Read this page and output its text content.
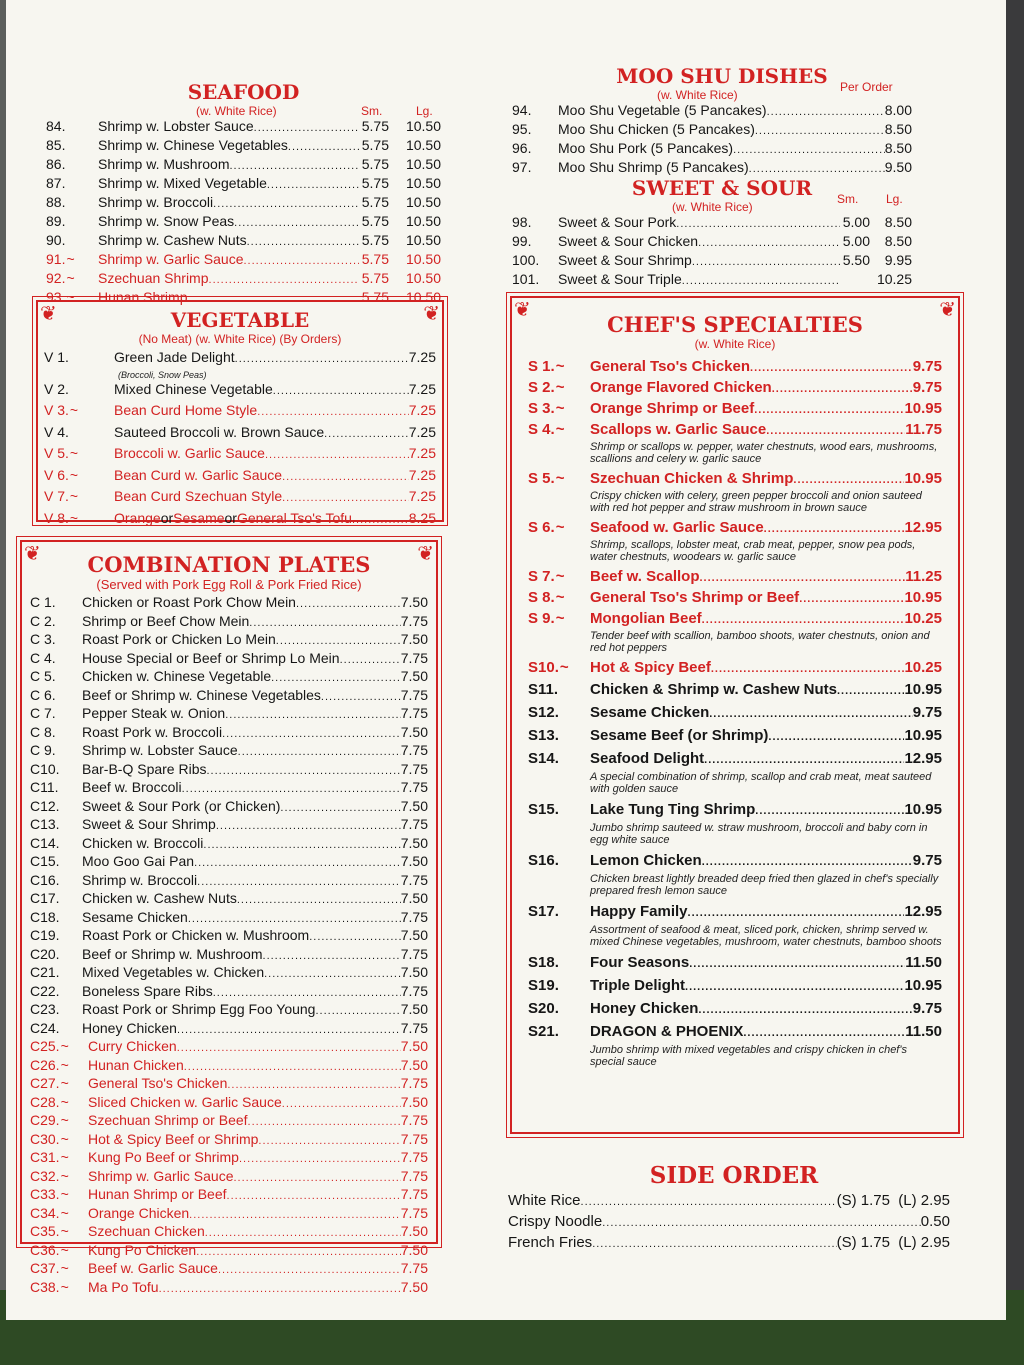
SEAFOOD
(w. White Rice)	Sm.	Lg.
84.	Shrimp w. Lobster Sauce .....	5.75	10.50
85.	Shrimp w. Chinese Vegetables .....	5.75	10.50
86.	Shrimp w. Mushroom .....	5.75	10.50
87.	Shrimp w. Mixed Vegetable .....	5.75	10.50
88.	Shrimp w. Broccoli .....	5.75	10.50
89.	Shrimp w. Snow Peas .....	5.75	10.50
90.	Shrimp w. Cashew Nuts .....	5.75	10.50
91.~	Shrimp w. Garlic Sauce .....	5.75	10.50
92.~	Szechuan Shrimp .....	5.75	10.50
93.~	Hunan Shrimp .....	5.75	10.50
❦	❦
VEGETABLE
(No Meat) (w. White Rice) (By Orders)
V 1.	Green Jade Delight .....	7.25
(Broccoli, Snow Peas)
V 2.	Mixed Chinese Vegetable .....	7.25
V 3.~	Bean Curd Home Style .....	7.25
V 4.	Sauteed Broccoli w. Brown Sauce .....	7.25
V 5.~	Broccoli w. Garlic Sauce .....	7.25
V 6.~	Bean Curd w. Garlic Sauce .....	7.25
V 7.~	Bean Curd Szechuan Style .....	7.25
V 8.~	Orange or Sesame or General Tso's Tofu .....	8.25
❦	❦
COMBINATION PLATES
(Served with Pork Egg Roll & Pork Fried Rice)
C 1.	Chicken or Roast Pork Chow Mein .....	7.50
C 2.	Shrimp or Beef Chow Mein .....	7.75
C 3.	Roast Pork or Chicken Lo Mein .....	7.50
C 4.	House Special or Beef or Shrimp Lo Mein .....	7.75
C 5.	Chicken w. Chinese Vegetable .....	7.50
C 6.	Beef or Shrimp w. Chinese Vegetables .....	7.75
C 7.	Pepper Steak w. Onion .....	7.75
C 8.	Roast Pork w. Broccoli .....	7.50
C 9.	Shrimp w. Lobster Sauce .....	7.75
C10.	Bar-B-Q Spare Ribs .....	7.75
C11.	Beef w. Broccoli .....	7.75
C12.	Sweet & Sour Pork (or Chicken) .....	7.50
C13.	Sweet & Sour Shrimp .....	7.75
C14.	Chicken w. Broccoli .....	7.50
C15.	Moo Goo Gai Pan .....	7.50
C16.	Shrimp w. Broccoli .....	7.75
C17.	Chicken w. Cashew Nuts .....	7.50
C18.	Sesame Chicken .....	7.75
C19.	Roast Pork or Chicken w. Mushroom .....	7.50
C20.	Beef or Shrimp w. Mushroom .....	7.75
C21.	Mixed Vegetables w. Chicken .....	7.50
C22.	Boneless Spare Ribs .....	7.75
C23.	Roast Pork or Shrimp Egg Foo Young .....	7.50
C24.	Honey Chicken .....	7.75
C25.~	Curry Chicken .....	7.50
C26.~	Hunan Chicken .....	7.50
C27.~	General Tso's Chicken .....	7.75
C28.~	Sliced Chicken w. Garlic Sauce .....	7.50
C29.~	Szechuan Shrimp or Beef .....	7.75
C30.~	Hot & Spicy Beef or Shrimp .....	7.75
C31.~	Kung Po Beef or Shrimp .....	7.75
C32.~	Shrimp w. Garlic Sauce .....	7.75
C33.~	Hunan Shrimp or Beef .....	7.75
C34.~	Orange Chicken .....	7.75
C35.~	Szechuan Chicken .....	7.50
C36.~	Kung Po Chicken .....	7.50
C37.~	Beef w. Garlic Sauce .....	7.75
C38.~	Ma Po Tofu .....	7.50
MOO SHU DISHES
(w. White Rice)
Per Order
94.	Moo Shu Vegetable (5 Pancakes) .....	8.00
95.	Moo Shu Chicken (5 Pancakes) .....	8.50
96.	Moo Shu Pork (5 Pancakes) .....	8.50
97.	Moo Shu Shrimp (5 Pancakes) .....	9.50
SWEET & SOUR
(w. White Rice)
Sm. Lg.
98.	Sweet & Sour Pork .....	5.00	8.50
99.	Sweet & Sour Chicken .....	5.00	8.50
100.	Sweet & Sour Shrimp .....	5.50	9.95
101.	Sweet & Sour Triple .....	10.25
❦	❦
CHEF'S SPECIALTIES
(w. White Rice)
S 1.~	General Tso's Chicken .....	9.75
S 2.~	Orange Flavored Chicken .....	9.75
S 3.~	Orange Shrimp or Beef .....	10.95
S 4.~	Scallops w. Garlic Sauce .....	11.75
Shrimp or scallops w. pepper, water chestnuts, wood ears, mushrooms, scallions and celery w. garlic sauce
S 5.~	Szechuan Chicken & Shrimp .....	10.95
Crispy chicken with celery, green pepper broccoli and onion sauteed with red hot pepper and straw mushroom in brown sauce
S 6.~	Seafood w. Garlic Sauce .....	12.95
Shrimp, scallops, lobster meat, crab meat, pepper, snow pea pods, water chestnuts, woodears w. garlic sauce
S 7.~	Beef w. Scallop .....	11.25
S 8.~	General Tso's Shrimp or Beef .....	10.95
S 9.~	Mongolian Beef .....	10.25
Tender beef with scallion, bamboo shoots, water chestnuts, onion and red hot peppers
S10.~	Hot & Spicy Beef .....	10.25
S11.	Chicken & Shrimp w. Cashew Nuts .....	10.95
S12.	Sesame Chicken .....	9.75
S13.	Sesame Beef (or Shrimp) .....	10.95
S14.	Seafood Delight .....	12.95
A special combination of shrimp, scallop and crab meat, meat sauteed with golden sauce
S15.	Lake Tung Ting Shrimp .....	10.95
Jumbo shrimp sauteed w. straw mushroom, broccoli and baby corn in egg white sauce
S16.	Lemon Chicken .....	9.75
Chicken breast lightly breaded deep fried then glazed in chef's specially prepared fresh lemon sauce
S17.	Happy Family .....	12.95
Assortment of seafood & meat, sliced pork, chicken, shrimp served w. mixed Chinese vegetables, mushroom, water chestnuts, bamboo shoots
S18.	Four Seasons .....	11.50
S19.	Triple Delight .....	10.95
S20.	Honey Chicken .....	9.75
S21.	DRAGON & PHOENIX .....	11.50
Jumbo shrimp with mixed vegetables and crispy chicken in chef's special sauce
SIDE ORDER
White Rice .....	(S) 1.75  (L) 2.95
Crispy Noodle .....	0.50
French Fries .....	(S) 1.75  (L) 2.95
